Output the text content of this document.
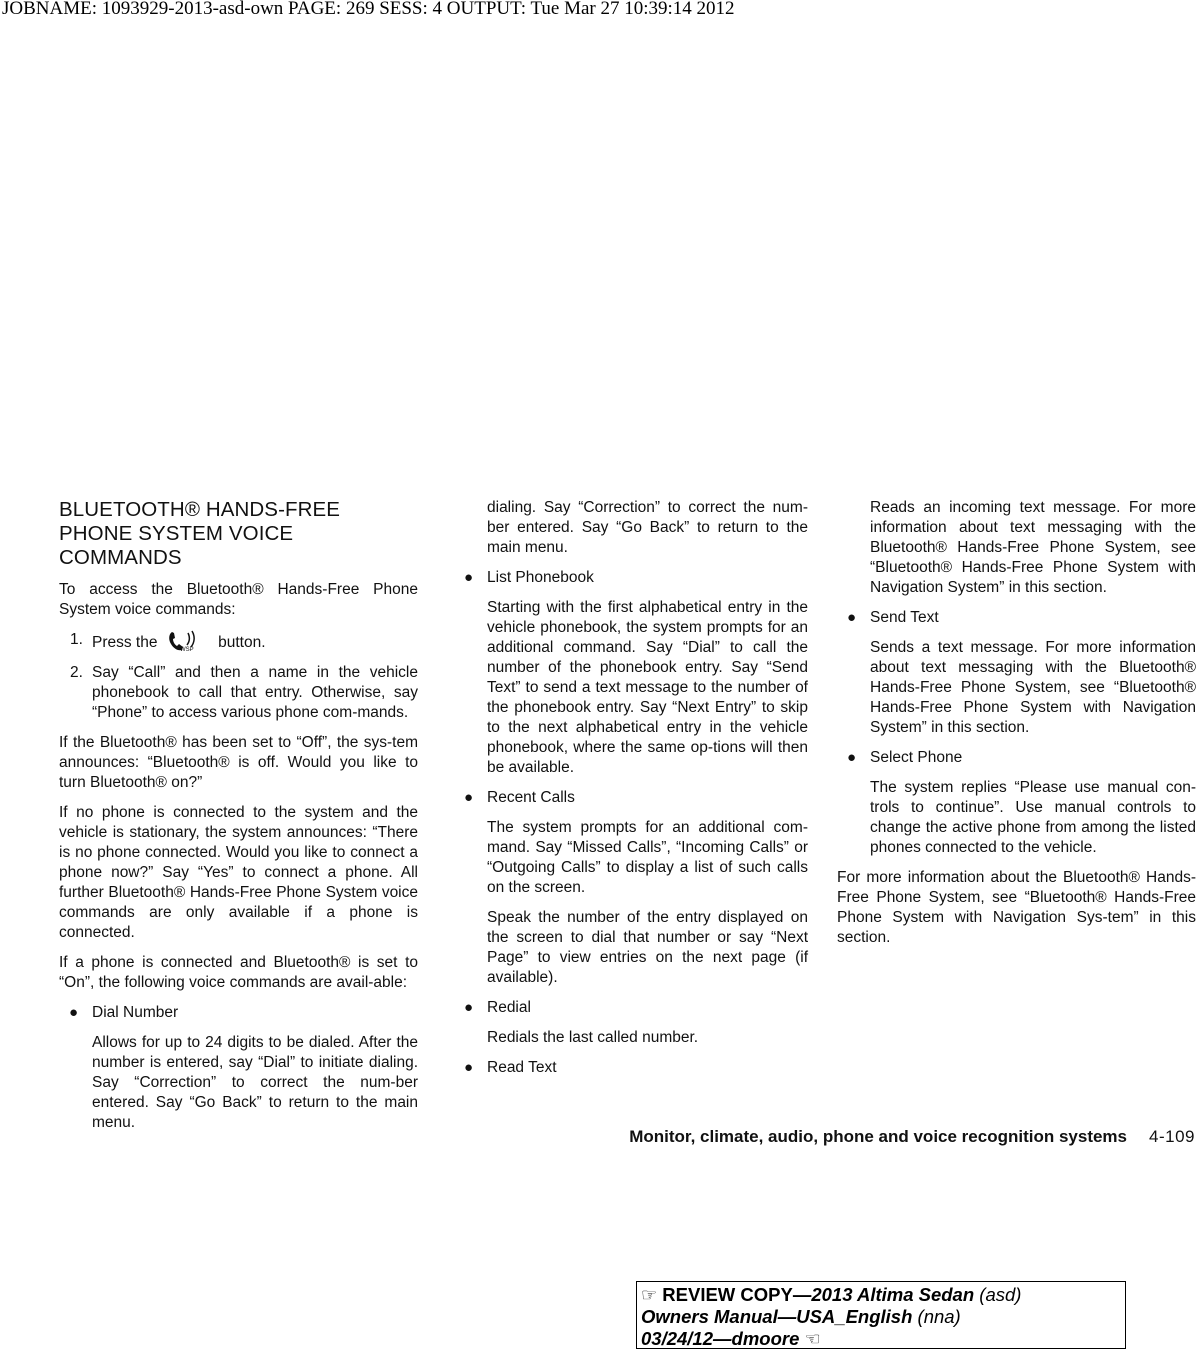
JOBNAME: 1093929-2013-asd-own PAGE: 269 SESS: 4 OUTPUT: Tue Mar 27 10:39:14 2012
BLUETOOTH® HANDS-FREE
PHONE SYSTEM VOICE
COMMANDS

To access the Bluetooth® Hands-Free Phone System voice commands:

1. Press the	WSP button.
2. Say “Call” and then a name in the vehicle phonebook to call that entry. Otherwise, say “Phone” to access various phone com-mands.

If the Bluetooth® has been set to “Off”, the sys-tem announces: “Bluetooth® is off. Would you like to turn Bluetooth® on?”

If no phone is connected to the system and the vehicle is stationary, the system announces: “There is no phone connected. Would you like to connect a phone now?” Say “Yes” to connect a phone. All further Bluetooth® Hands-Free Phone System voice commands are only available if a phone is connected.

If a phone is connected and Bluetooth® is set to “On”, the following voice commands are avail-able:

● Dial Number

Allows for up to 24 digits to be dialed. After the number is entered, say “Dial” to initiate dialing. Say “Correction” to correct the num-ber entered. Say “Go Back” to return to the main menu.

dialing. Say “Correction” to correct the num-ber entered. Say “Go Back” to return to the main menu.

● List Phonebook

Starting with the first alphabetical entry in the vehicle phonebook, the system prompts for an additional command. Say “Dial” to call the number of the phonebook entry. Say “Send Text” to send a text message to the number of the phonebook entry. Say “Next Entry” to skip to the next alphabetical entry in the vehicle phonebook, where the same op-tions will then be available.

● Recent Calls

The system prompts for an additional com-mand. Say “Missed Calls”, “Incoming Calls” or “Outgoing Calls” to display a list of such calls on the screen.

Speak the number of the entry displayed on the screen to dial that number or say “Next Page” to view entries on the next page (if available).

● Redial

Redials the last called number.

● Read Text

Reads an incoming text message. For more information about text messaging with the Bluetooth® Hands-Free Phone System, see “Bluetooth® Hands-Free Phone System with Navigation System” in this section.

● Send Text

Sends a text message. For more information about text messaging with the Bluetooth® Hands-Free Phone System, see “Bluetooth® Hands-Free Phone System with Navigation System” in this section.

● Select Phone

The system replies “Please use manual con-trols to continue”. Use manual controls to change the active phone from among the listed phones connected to the vehicle.

For more information about the Bluetooth® Hands-Free Phone System, see “Bluetooth® Hands-Free Phone System with Navigation Sys-tem” in this section.

Monitor, climate, audio, phone and voice recognition systems 4-109
☞ REVIEW COPY—2013 Altima Sedan (asd)
Owners Manual—USA_English (nna)
03/24/12—dmoore ☜
